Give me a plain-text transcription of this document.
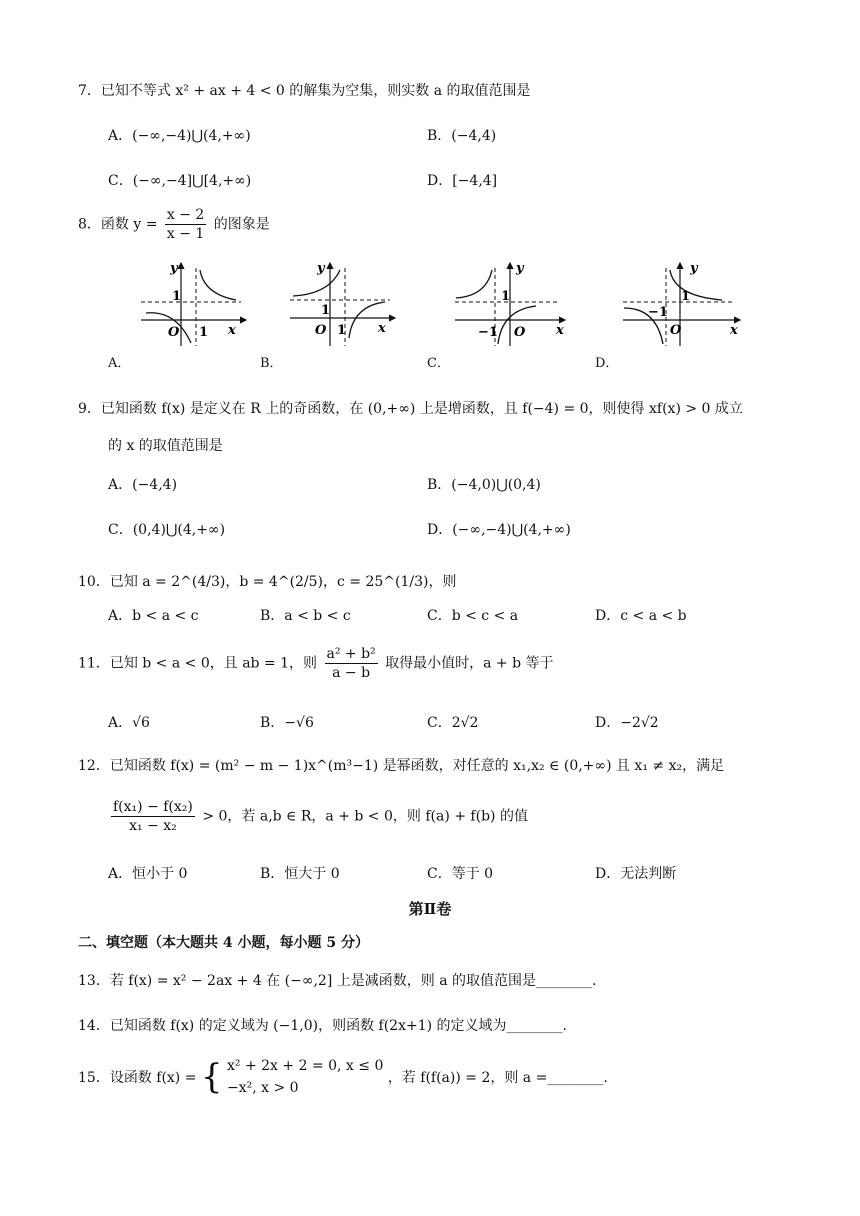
7．已知不等式 x² + ax + 4 < 0 的解集为空集，则实数 a 的取值范围是
A．(−∞,−4)⋃(4,+∞)	B．(−4,4)
C．(−∞,−4]⋃[4,+∞)	D．[−4,4]
8．函数 $y = \frac{x - 2}{x - 1}$ 的图象是
y
x
O
1
1
y
x
O
1
1
y
x
O
1
−1
y
x
O
1
−1
A．	B．	C．	D．
9．已知函数 f(x) 是定义在 R 上的奇函数，在 (0,+∞) 上是增函数，且 f(−4) = 0，则使得 xf(x) > 0 成立
的 x 的取值范围是
A．(−4,4)	B．(−4,0)⋃(0,4)
C．(0,4)⋃(4,+∞)	D．(−∞,−4)⋃(4,+∞)
10．已知 a = 2^(4/3)，b = 4^(2/5)，c = 25^(1/3)，则
A．b < a < c	B．a < b < c	C．b < c < a	D．c < a < b
11．已知 b < a < 0，且 ab = 1，则 $\frac{\text{a² + b²}}{a - b}$ 取得最小值时，a + b 等于
A．√6	B．−√6	C．2√2	D．−2√2
12．已知函数 f(x) = (m² − m − 1)x^(m³−1) 是幂函数，对任意的 x₁,x₂ ∈ (0,+∞) 且 x₁ ≠ x₂，满足
$\frac{\text{f(x₁) − f(x₂)}}{\text{x₁ − x₂}} > 0$，若 a,b ∈ R，a + b < 0，则 f(a) + f(b) 的值
A．恒小于 0	B．恒大于 0	C．等于 0	D．无法判断
第Ⅱ卷
二、填空题（本大题共 4 小题，每小题 5 分）
13．若 f(x) = x² − 2ax + 4 在 (−∞,2] 上是减函数，则 a 的取值范围是________.
14．已知函数 f(x) 的定义域为 (−1,0)，则函数 f(2x+1) 的定义域为________.
15．设函数 f(x) = { x² + 2x + 2 = 0, x ≤ 0
−x², x > 0
，若 f(f(a)) = 2，则 a =________.
